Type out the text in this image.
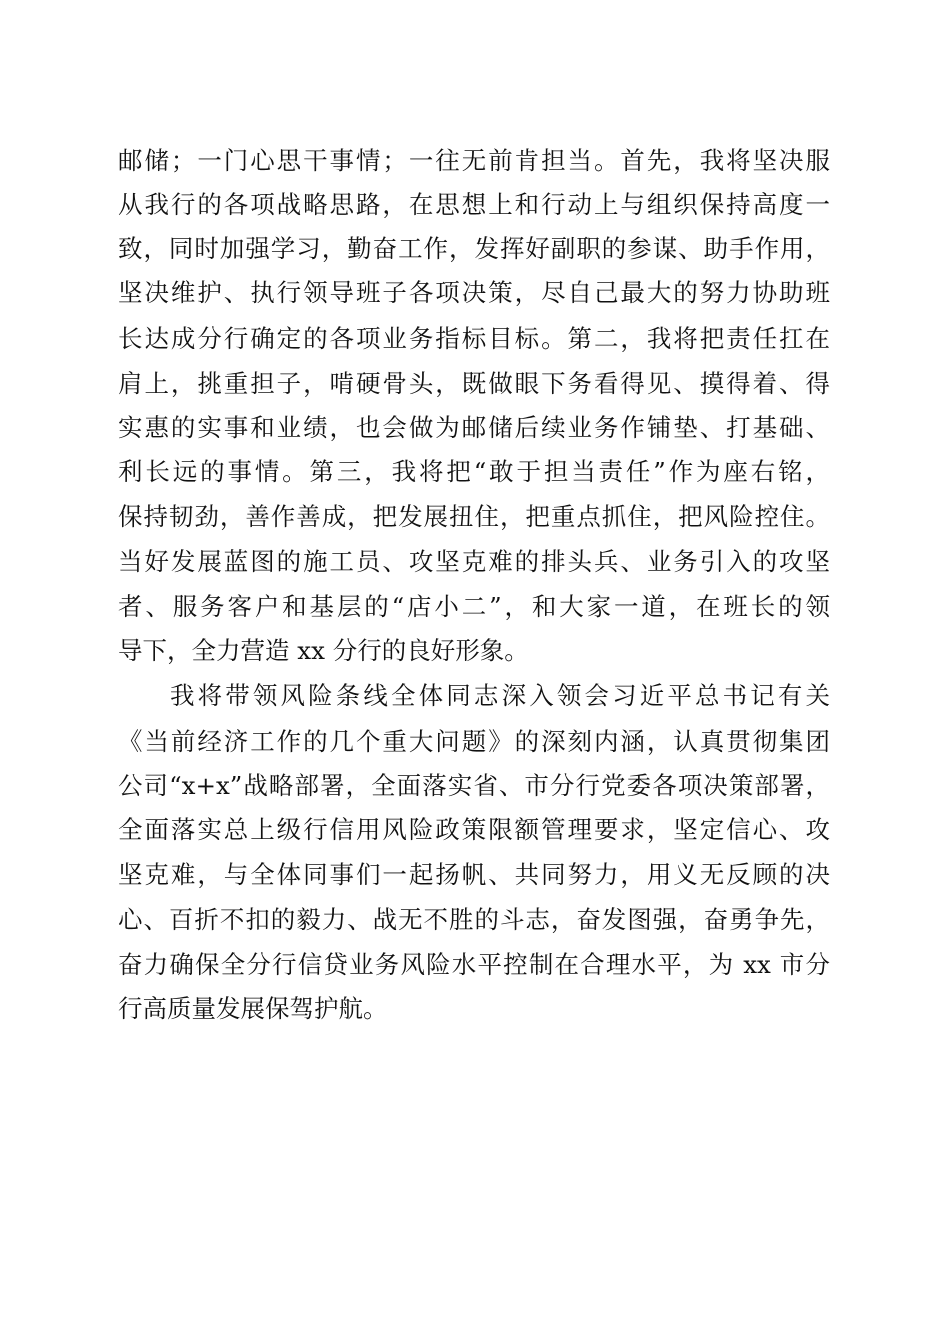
邮储；一门心思干事情；一往无前肯担当。首先，我将坚决服
从我行的各项战略思路，在思想上和行动上与组织保持高度一
致，同时加强学习，勤奋工作，发挥好副职的参谋、助手作用，
坚决维护、执行领导班子各项决策，尽自己最大的努力协助班
长达成分行确定的各项业务指标目标。第二，我将把责任扛在
肩上，挑重担子，啃硬骨头，既做眼下务看得见、摸得着、得
实惠的实事和业绩，也会做为邮储后续业务作铺垫、打基础、
利长远的事情。第三，我将把“敢于担当责任”作为座右铭，
保持韧劲，善作善成，把发展扭住，把重点抓住，把风险控住。
当好发展蓝图的施工员、攻坚克难的排头兵、业务引入的攻坚
者、服务客户和基层的“店小二”，和大家一道，在班长的领
导下，全力营造 xx 分行的良好形象。
我将带领风险条线全体同志深入领会习近平总书记有关
《当前经济工作的几个重大问题》的深刻内涵，认真贯彻集团
公司“x+x”战略部署，全面落实省、市分行党委各项决策部署，
全面落实总上级行信用风险政策限额管理要求，坚定信心、攻
坚克难，与全体同事们一起扬帆、共同努力，用义无反顾的决
心、百折不扣的毅力、战无不胜的斗志，奋发图强，奋勇争先，
奋力确保全分行信贷业务风险水平控制在合理水平，为 xx 市分
行高质量发展保驾护航。
